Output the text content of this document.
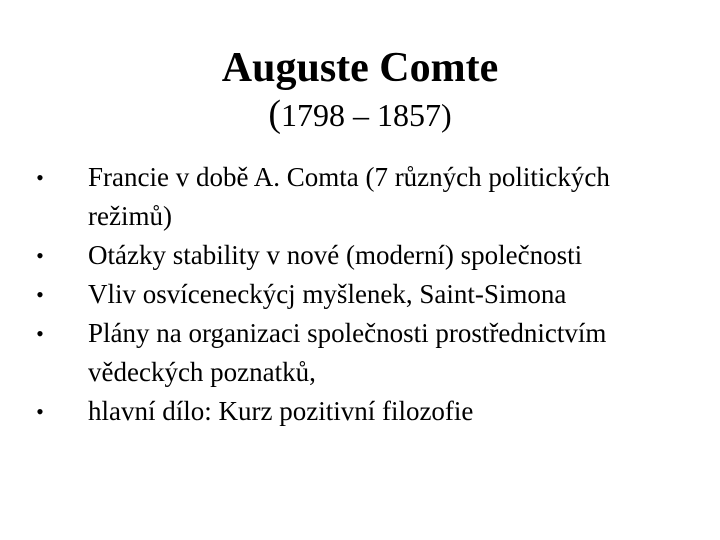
Auguste Comte
(1798 – 1857)
• Francie v době A. Comta (7 různých politických režimů)
• Otázky stability v nové (moderní) společnosti
• Vliv osvíceneckýcj myšlenek, Saint-Simona
• Plány na organizaci společnosti prostřednictvím vědeckých poznatků,
• hlavní dílo: Kurz pozitivní filozofie
